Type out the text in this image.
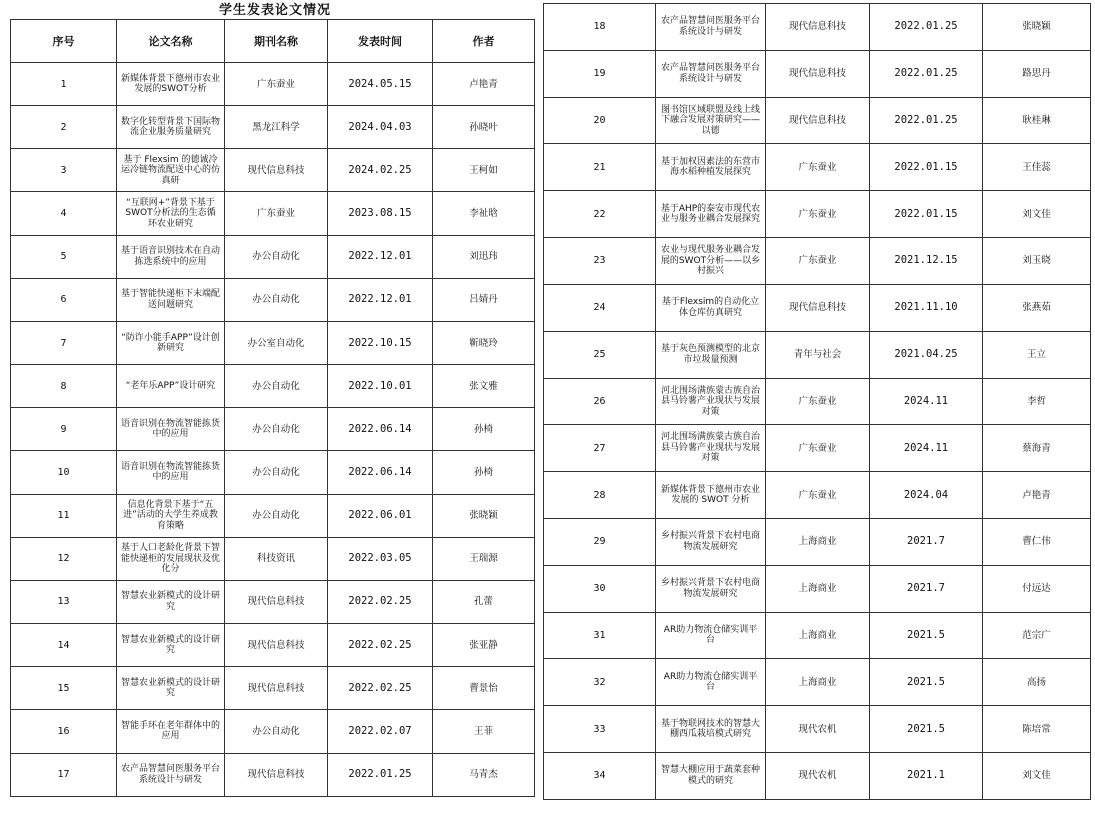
学生发表论文情况
序号	论文名称	期刊名称	发表时间	作者
1	新媒体背景下德州市农业发展的SWOT分析	广东蚕业	2024.05.15	卢艳青
2	数字化转型背景下国际物流企业服务质量研究	黑龙江科学	2024.04.03	孙晓叶
3	基于 Flexsim 的德诚冷运冷链物流配送中心的仿真研	现代信息科技	2024.02.25	王柯如
4	“互联网+”背景下基于SWOT分析法的生态循环农业研究	广东蚕业	2023.08.15	李祉晗
5	基于语音识别技术在自动拣选系统中的应用	办公自动化	2022.12.01	刘迅玮
6	基于智能快递柜下末端配送问题研究	办公自动化	2022.12.01	吕婧丹
7	“防诈小能手APP”设计创新研究	办公室自动化	2022.10.15	靳晓玲
8	“老年乐APP”设计研究	办公自动化	2022.10.01	张文雅
9	语音识别在物流智能拣货中的应用	办公自动化	2022.06.14	孙椅
10	语音识别在物流智能拣货中的应用	办公自动化	2022.06.14	孙椅
11	信息化背景下基于“五进”活动的大学生养成教育策略	办公自动化	2022.06.01	张晓颖
12	基于人口老龄化背景下智能快递柜的发展现状及优化分	科技资讯	2022.03.05	王瑞源
13	智慧农业新模式的设计研究	现代信息科技	2022.02.25	孔蕾
14	智慧农业新模式的设计研究	现代信息科技	2022.02.25	张亚静
15	智慧农业新模式的设计研究	现代信息科技	2022.02.25	曹景怡
16	智能手环在老年群体中的应用	办公自动化	2022.02.07	王菲
17	农产品智慧问医服务平台系统设计与研发	现代信息科技	2022.01.25	马青杰
18	农产品智慧问医服务平台系统设计与研发	现代信息科技	2022.01.25	张晓颖
19	农产品智慧问医服务平台系统设计与研发	现代信息科技	2022.01.25	路思丹
20	图书馆区域联盟及线上线下融合发展对策研究——以德	现代信息科技	2022.01.25	耿桂琳
21	基于加权因素法的东营市海水稻种植发展探究	广东蚕业	2022.01.15	王佳蕊
22	基于AHP的泰安市现代农业与服务业耦合发展探究	广东蚕业	2022.01.15	刘文佳
23	农业与现代服务业耦合发展的SWOT分析——以乡村振兴	广东蚕业	2021.12.15	刘玉晓
24	基于Flexsim的自动化立体仓库仿真研究	现代信息科技	2021.11.10	张燕茹
25	基于灰色预测模型的北京市垃圾量预测	青年与社会	2021.04.25	王立
26	河北围场满族蒙古族自治县马铃薯产业现状与发展对策	广东蚕业	2024.11	李哲
27	河北围场满族蒙古族自治县马铃薯产业现状与发展对策	广东蚕业	2024.11	蔡海青
28	新媒体背景下德州市农业发展的 SWOT 分析	广东蚕业	2024.04	卢艳青
29	乡村振兴背景下农村电商物流发展研究	上海商业	2021.7	曹仁伟
30	乡村振兴背景下农村电商物流发展研究	上海商业	2021.7	付远达
31	AR助力物流仓储实训平台	上海商业	2021.5	范宗广
32	AR助力物流仓储实训平台	上海商业	2021.5	高扬
33	基于物联网技术的智慧大棚西瓜栽培模式研究	现代农机	2021.5	陈培常
34	智慧大棚应用于蔬菜套种模式的研究	现代农机	2021.1	刘文佳
